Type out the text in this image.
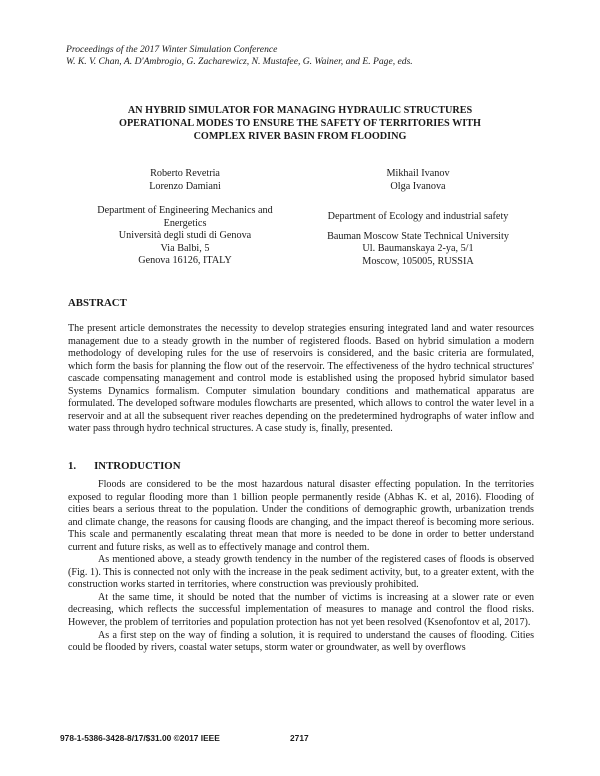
Proceedings of the 2017 Winter Simulation Conference
W. K. V. Chan, A. D'Ambrogio, G. Zacharewicz, N. Mustafee, G. Wainer, and E. Page, eds.
AN HYBRID SIMULATOR FOR MANAGING HYDRAULIC STRUCTURES
OPERATIONAL MODES TO ENSURE THE SAFETY OF TERRITORIES WITH
COMPLEX RIVER BASIN FROM FLOODING
Roberto Revetria
Lorenzo Damiani
Department of Engineering Mechanics and
Energetics
Università degli studi di Genova
Via Balbi, 5
Genova 16126, ITALY
Mikhail Ivanov
Olga Ivanova
Department of Ecology and industrial safety
Bauman Moscow State Technical University
Ul. Baumanskaya 2-ya, 5/1
Moscow, 105005, RUSSIA
ABSTRACT

The present article demonstrates the necessity to develop strategies ensuring integrated land and water resources management due to a steady growth in the number of registered floods. Based on hybrid simulation a modern methodology of developing rules for the use of reservoirs is considered, and the basic criteria are formulated, which form the basis for planning the flow out of the reservoir. The effectiveness of the hydro technical structures' cascade compensating management and control mode is established using the proposed hybrid simulator based Systems Dynamics formalism. Computer simulation boundary conditions and mathematical apparatus are formulated. The developed software modules flowcharts are presented, which allows to control the water level in a reservoir and at all the subsequent river reaches depending on the predetermined hydrographs of water inflow and water pass through hydro technical structures. A case study is, finally, presented.

1. INTRODUCTION

Floods are considered to be the most hazardous natural disaster effecting population. In the territories exposed to regular flooding more than 1 billion people permanently reside (Abhas K. et al, 2016). Flooding of cities bears a serious threat to the population. Under the conditions of demographic growth, urbanization trends and climate change, the reasons for causing floods are changing, and the impact thereof is becoming more serious. This scale and permanently escalating threat mean that more is needed to be done in order to better understand current and future risks, as well as to effectively manage and control them.

As mentioned above, a steady growth tendency in the number of the registered cases of floods is observed (Fig. 1). This is connected not only with the increase in the peak sediment activity, but, to a greater extent, with the construction works started in territories, where construction was previously prohibited.

At the same time, it should be noted that the number of victims is increasing at a slower rate or even decreasing, which reflects the successful implementation of measures to manage and control the flood risks. However, the problem of territories and population protection has not yet been resolved (Ksenofontov et al, 2017).

As a first step on the way of finding a solution, it is required to understand the causes of flooding. Cities could be flooded by rivers, coastal water setups, storm water or groundwater, as well by overflows

978-1-5386-3428-8/17/$31.00 ©2017 IEEE	2717
